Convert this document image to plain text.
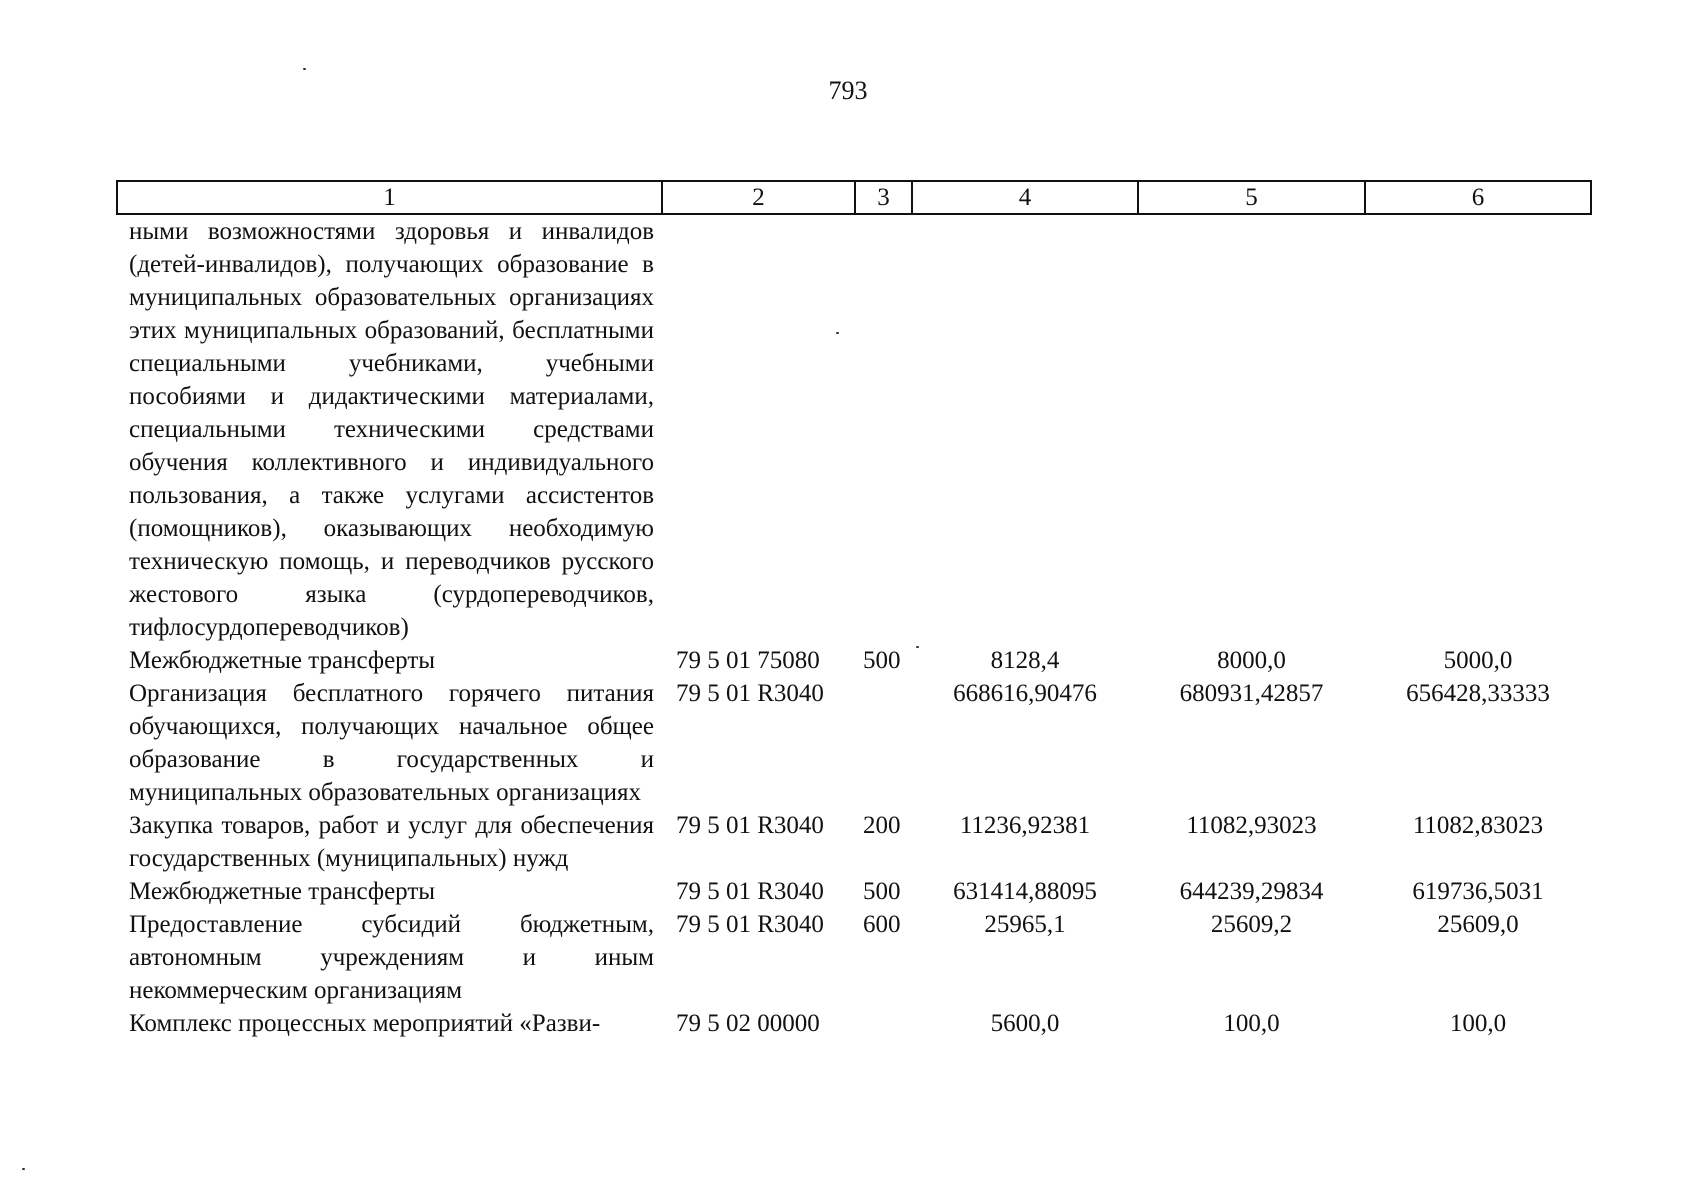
793
1	2	3	4	5	6
ными возможностями здоровья и инвалидов (детей-инвалидов), получающих образование в муниципальных образовательных организациях этих муниципальных образований, бесплатными специальными учебниками, учебными пособиями и дидактическими материалами, специальными техническими средствами обучения коллективного и индивидуального пользования, а также услугами ассистентов (помощников), оказывающих необходимую техническую помощь, и переводчиков русского жестового языка (сурдопереводчиков, тифлосурдопереводчиков)					
Межбюджетные трансферты	79 5 01 75080	500	8128,4	8000,0	5000,0
Организация бесплатного горячего питания обучающихся, получающих начальное общее образование в государственных и муниципальных образовательных организациях	79 5 01 R3040		668616,90476	680931,42857	656428,33333
Закупка товаров, работ и услуг для обеспечения государственных (муниципальных) нужд	79 5 01 R3040	200	11236,92381	11082,93023	11082,83023
Межбюджетные трансферты	79 5 01 R3040	500	631414,88095	644239,29834	619736,5031
Предоставление субсидий бюджетным, автономным учреждениям и иным некоммерческим организациям	79 5 01 R3040	600	25965,1	25609,2	25609,0
Комплекс процессных мероприятий «Разви-	79 5 02 00000		5600,0	100,0	100,0
